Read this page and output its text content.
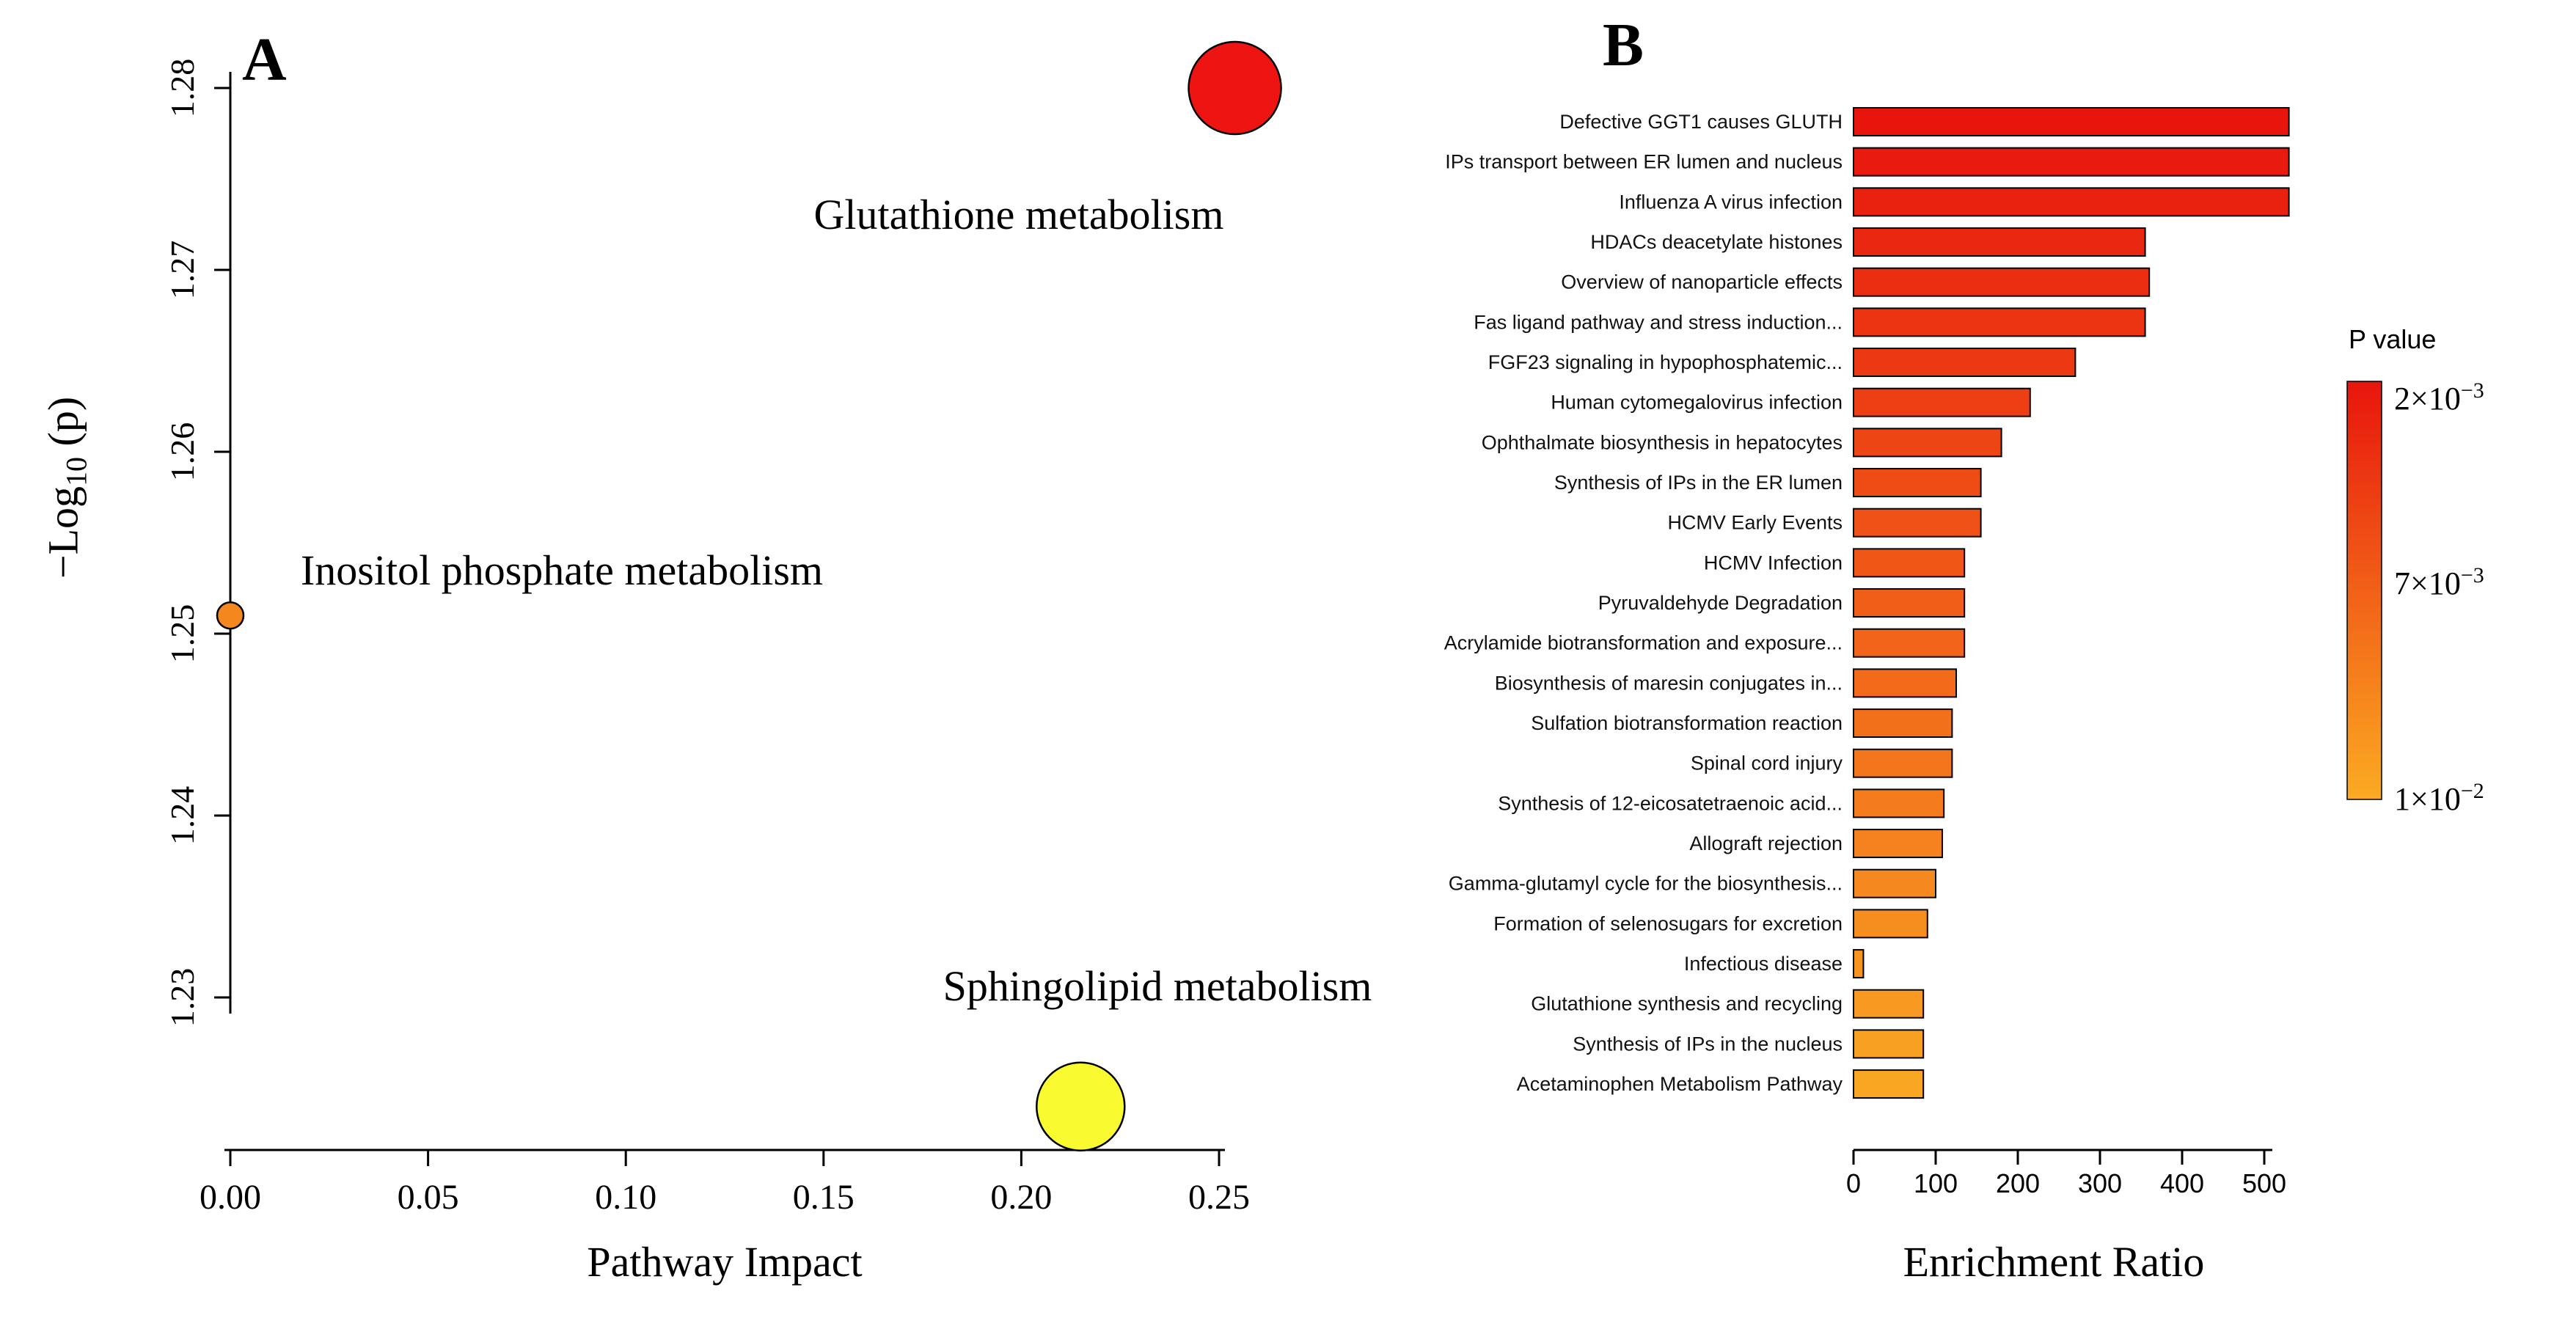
1.23
1.24
1.25
1.26
1.27
1.28
0.00	0.05	0.10	0.15	0.20	0.25
Glutathione metabolism
Inositol phosphate metabolism
Sphingolipid metabolism
Defective GGT1 causes GLUTH
IPs transport between ER lumen and nucleus
Influenza A virus infection
HDACs deacetylate histones
Overview of nanoparticle effects
Fas ligand pathway and stress induction...
FGF23 signaling in hypophosphatemic...
Human cytomegalovirus infection
Ophthalmate biosynthesis in hepatocytes
Synthesis of IPs in the ER lumen
HCMV Early Events
HCMV Infection
Pyruvaldehyde Degradation
Acrylamide biotransformation and exposure...
Biosynthesis of maresin conjugates in...
Sulfation biotransformation reaction
Spinal cord injury
Synthesis of 12-eicosatetraenoic acid...
Allograft rejection
Gamma-glutamyl cycle for the biosynthesis...
Formation of selenosugars for excretion
Infectious disease
Glutathione synthesis and recycling
Synthesis of IPs in the nucleus
Acetaminophen Metabolism Pathway
0 100 200 300 400 500
$2\times 10^{-3}$
$7\times 10^{-3}$
$1\times 10^{-2}$
A	B
Pathway Impact
−Log$_{10}$ (p)
Enrichment Ratio
P value
